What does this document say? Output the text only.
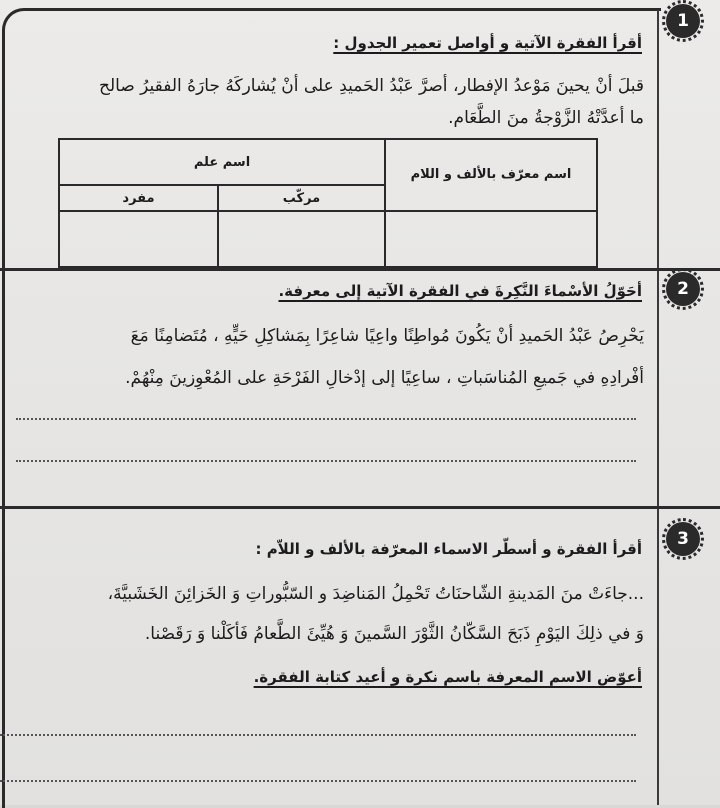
1
أقرأ الفقرة الآتية و أواصل تعمير الجدول :
قبلَ أنْ يحينَ مَوْعدُ الإفطار، أصرَّ عَبْدُ الحَميدِ على أنْ يُشاركَهُ جارَهُ الفقيرُ صالح
ما أعدَّتْهُ الزَّوْجةُ منَ الطَّعَام.
اسم معرّف بالألف و اللام	اسم علم	
	مركّب	مفرد

2
أحَوّلُ الأسْماءَ النَّكِرةَ في الفقرة الآتية إلى معرفة.
يَحْرِصُ عَبْدُ الحَميدِ أنْ يَكُونَ مُواطِنًا واعِيًا شاعِرًا بِمَشاكِلِ حَيٍّهِ ، مُتَضامِنًا مَعَ
أفْرادِهِ في جَميعِ المُناسَباتِ ، ساعِيًا إلى إدْخالِ الفَرْحَةِ على المُعْوِزينَ مِنْهُمْ.
3
أقرأ الفقرة و أسطّر الاسماء المعرّفة بالألف و اللاّم :
...جاءَتْ منَ المَدينةِ الشّاحنَاتُ تَحْمِلُ المَناضِدَ و السّبُّوراتِ وَ الخَزائِنَ الخَشَبيَّةَ،
وَ في ذلِكَ اليَوْمِ ذَبَحَ السَّكّانُ الثَّوْرَ السَّمينَ وَ هُيِّئَ الطَّعامُ فَأكَلْنا وَ رَقَصْنا.
أعوّض الاسم المعرفة باسم نكرة و أعيد كتابة الفقرة.
